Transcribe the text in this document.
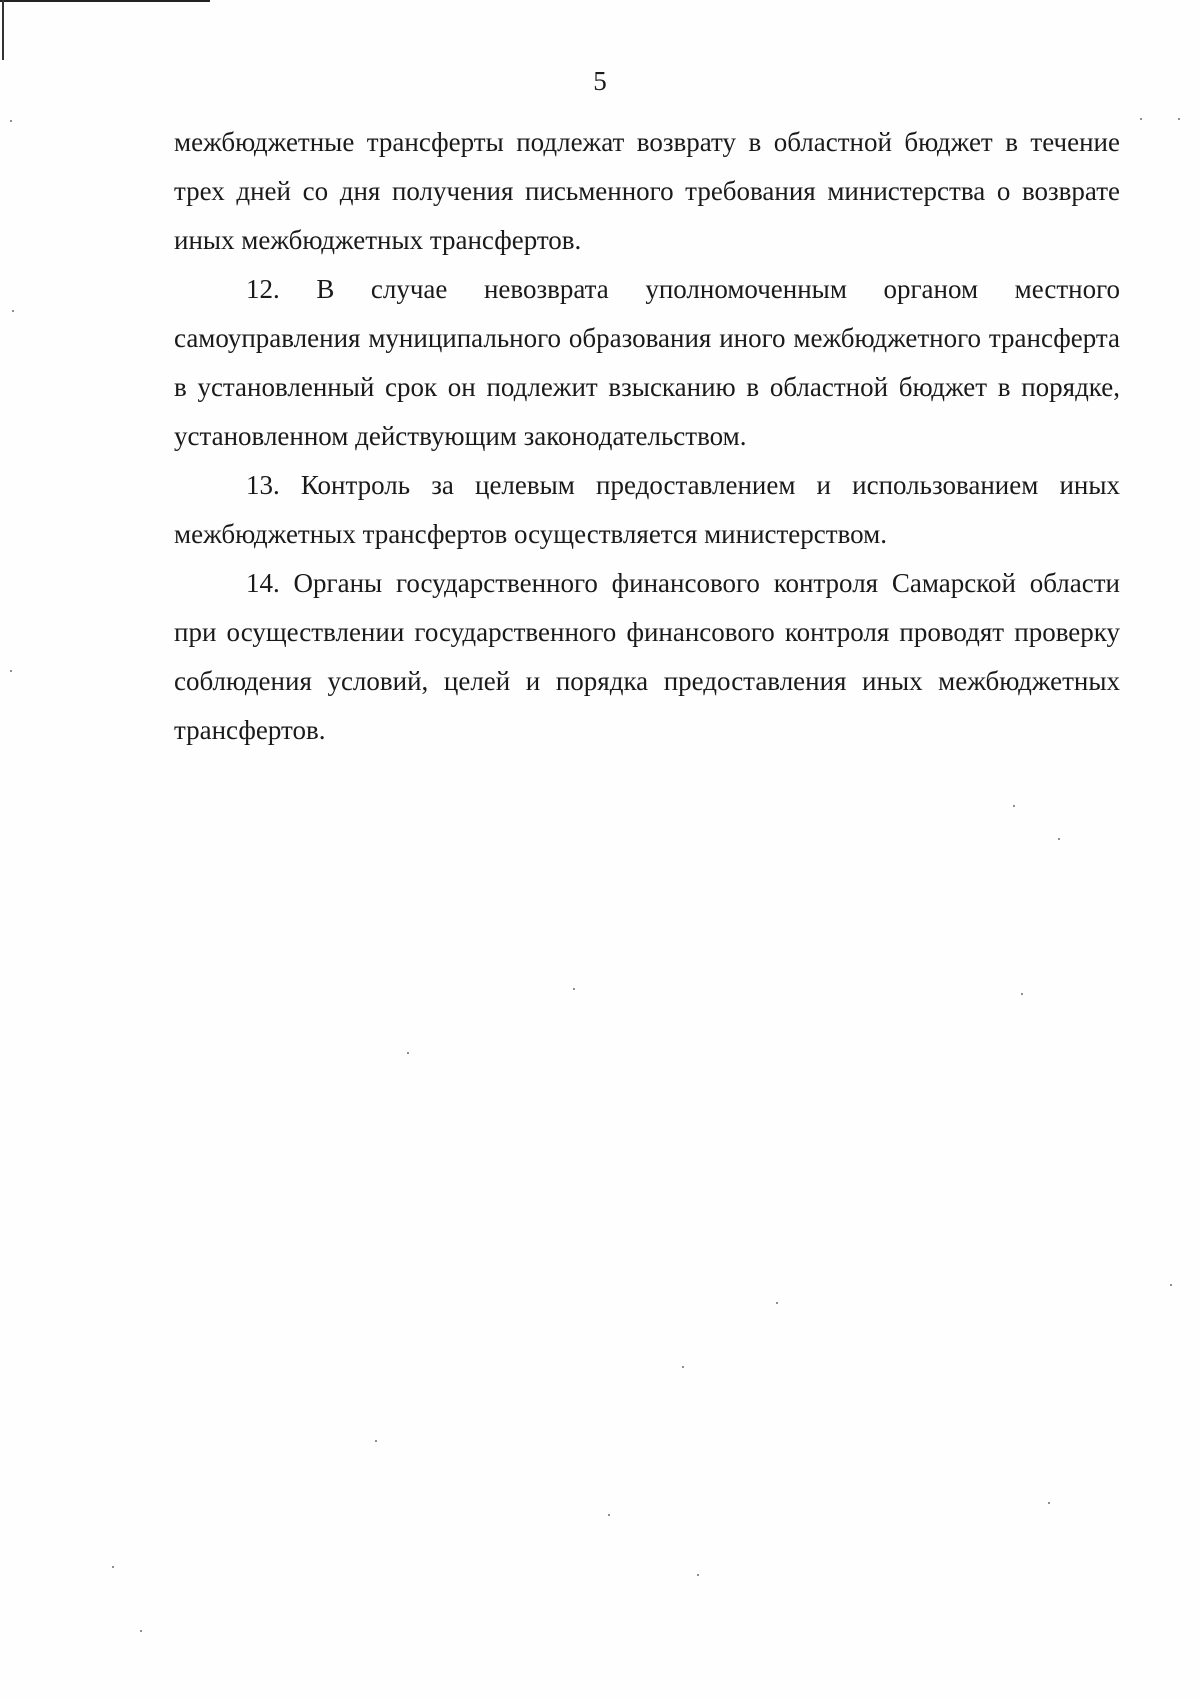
5

межбюджетные трансферты подлежат возврату в областной бюджет в течение трех дней со дня получения письменного требования министерства о возврате иных межбюджетных трансфертов.

12. В случае невозврата уполномоченным органом местного самоуправления муниципального образования иного межбюджетного трансферта в установленный срок он подлежит взысканию в областной бюджет в порядке, установленном действующим законодательством.

13. Контроль за целевым предоставлением и использованием иных межбюджетных трансфертов осуществляется министерством.

14. Органы государственного финансового контроля Самарской области при осуществлении государственного финансового контроля проводят проверку соблюдения условий, целей и порядка предоставления иных межбюджетных трансфертов.
